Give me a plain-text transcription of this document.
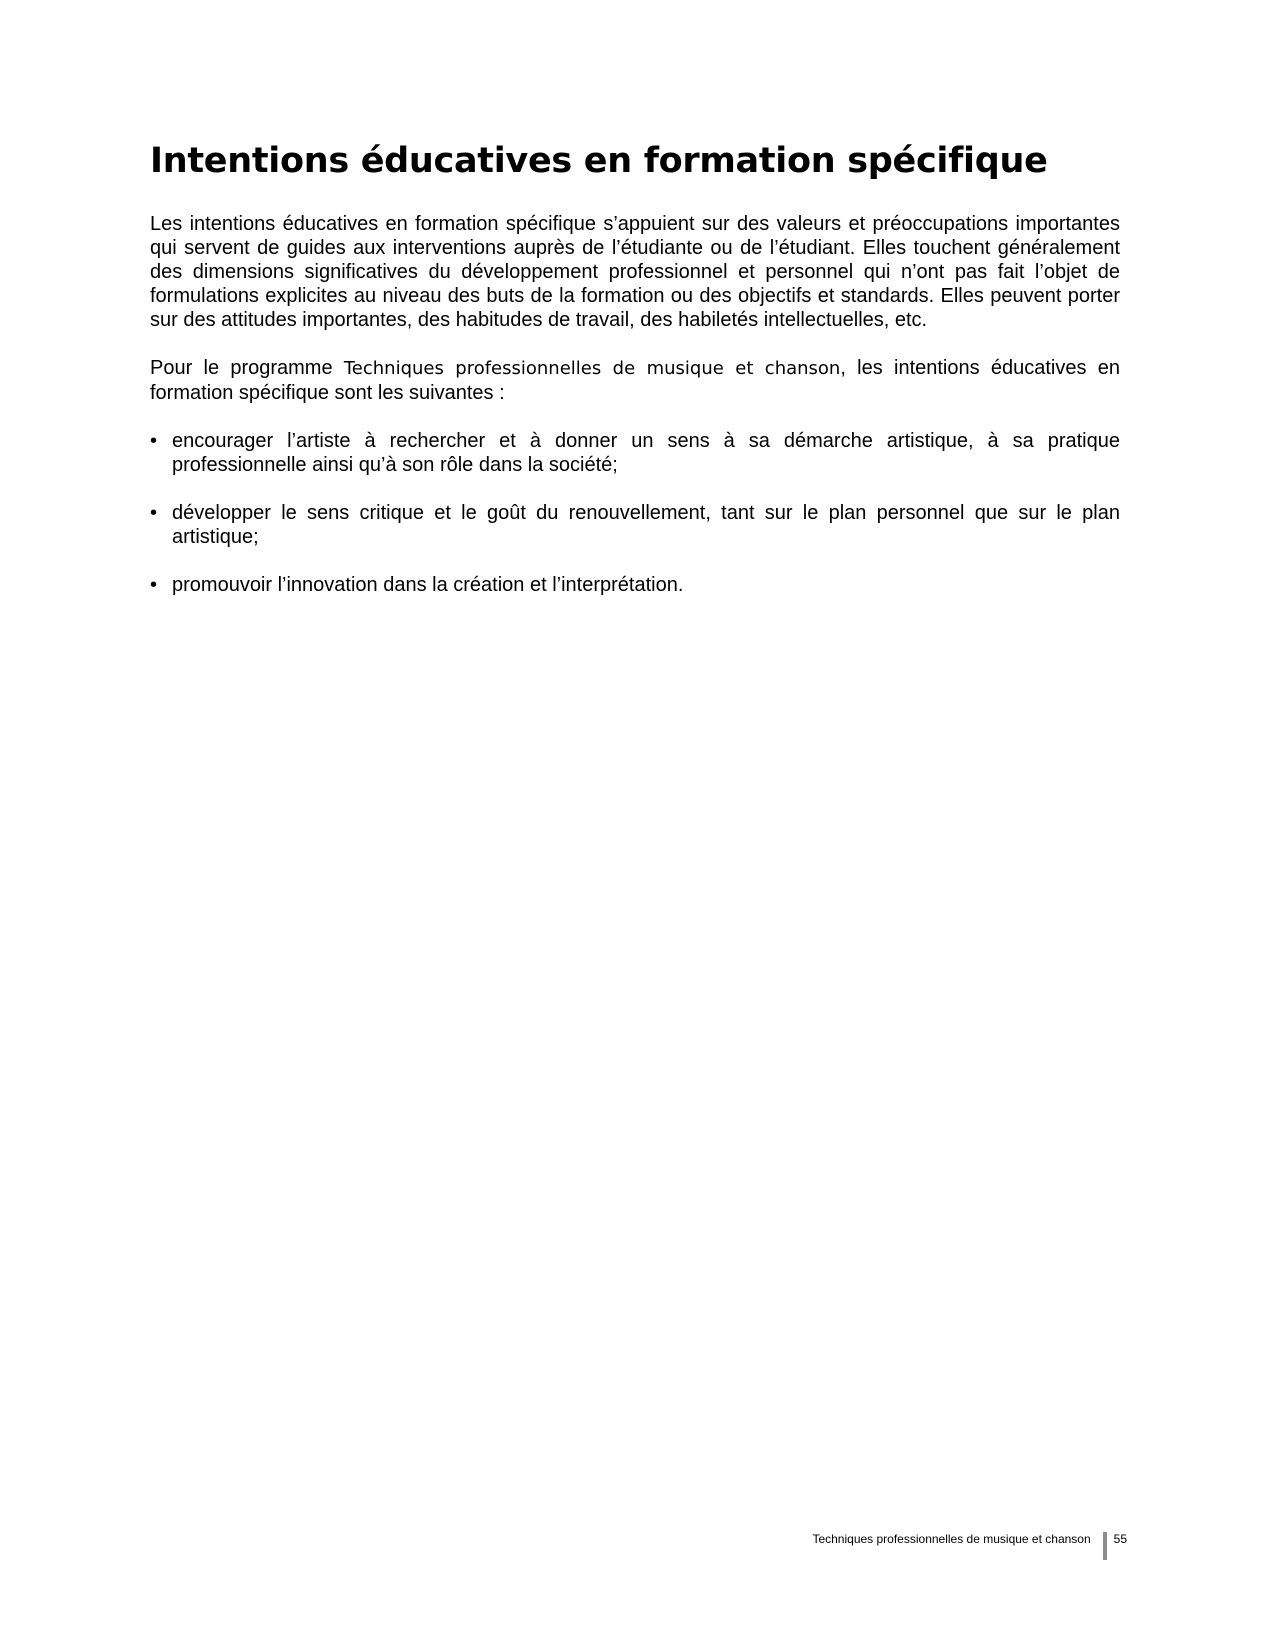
Intentions éducatives en formation spécifique

Les intentions éducatives en formation spécifique s’appuient sur des valeurs et préoccupations importantes qui servent de guides aux interventions auprès de l’étudiante ou de l’étudiant. Elles touchent généralement des dimensions significatives du développement professionnel et personnel qui n’ont pas fait l’objet de formulations explicites au niveau des buts de la formation ou des objectifs et standards. Elles peuvent porter sur des attitudes importantes, des habitudes de travail, des habiletés intellectuelles, etc.

Pour le programme Techniques professionnelles de musique et chanson, les intentions éducatives en formation spécifique sont les suivantes :

• encourager l’artiste à rechercher et à donner un sens à sa démarche artistique, à sa pratique professionnelle ainsi qu’à son rôle dans la société;
• développer le sens critique et le goût du renouvellement, tant sur le plan personnel que sur le plan artistique;
• promouvoir l’innovation dans la création et l’interprétation.
Techniques professionnelles de musique et chanson 55
